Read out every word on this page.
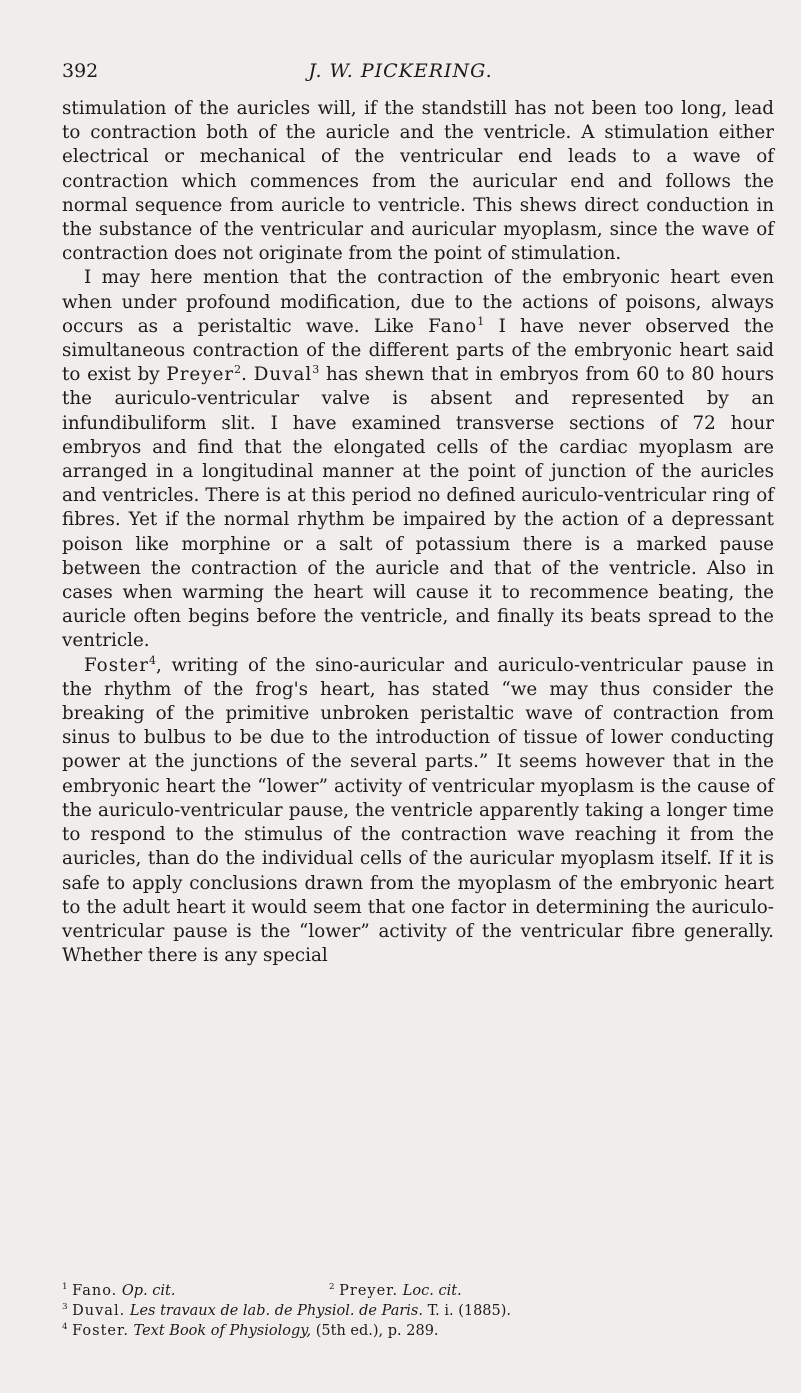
392	J. W. PICKERING.

stimulation of the auricles will, if the standstill has not been too long, lead to contraction both of the auricle and the ventricle. A stimulation either electrical or mechanical of the ventricular end leads to a wave of contraction which commences from the auricular end and follows the normal sequence from auricle to ventricle. This shews direct conduction in the substance of the ventricular and auricular myoplasm, since the wave of contraction does not originate from the point of stimulation.

I may here mention that the contraction of the embryonic heart even when under profound modification, due to the actions of poisons, always occurs as a peristaltic wave. Like Fano$^1$ I have never observed the simultaneous contraction of the different parts of the embryonic heart said to exist by Preyer$^2$. Duval$^3$ has shewn that in embryos from 60 to 80 hours the auriculo-ventricular valve is absent and represented by an infundibuliform slit. I have examined transverse sections of 72 hour embryos and find that the elongated cells of the cardiac myoplasm are arranged in a longitudinal manner at the point of junction of the auricles and ventricles. There is at this period no defined auriculo-ventricular ring of fibres. Yet if the normal rhythm be impaired by the action of a depressant poison like morphine or a salt of potassium there is a marked pause between the contraction of the auricle and that of the ventricle. Also in cases when warming the heart will cause it to recommence beating, the auricle often begins before the ventricle, and finally its beats spread to the ventricle.

Foster$^4$, writing of the sino-auricular and auriculo-ventricular pause in the rhythm of the frog's heart, has stated “we may thus consider the breaking of the primitive unbroken peristaltic wave of contraction from sinus to bulbus to be due to the introduction of tissue of lower conducting power at the junctions of the several parts.” It seems however that in the embryonic heart the “lower” activity of ventricular myoplasm is the cause of the auriculo-ventricular pause, the ventricle apparently taking a longer time to respond to the stimulus of the contraction wave reaching it from the auricles, than do the individual cells of the auricular myoplasm itself. If it is safe to apply conclusions drawn from the myoplasm of the embryonic heart to the adult heart it would seem that one factor in determining the auriculo-ventricular pause is the “lower” activity of the ventricular fibre generally. Whether there is any special

$^1$ Fano. Op. cit.	$^2$ Preyer. Loc. cit.
$^3$ Duval. Les travaux de lab. de Physiol. de Paris. T. i. (1885).
$^4$ Foster. Text Book of Physiology, (5th ed.), p. 289.
